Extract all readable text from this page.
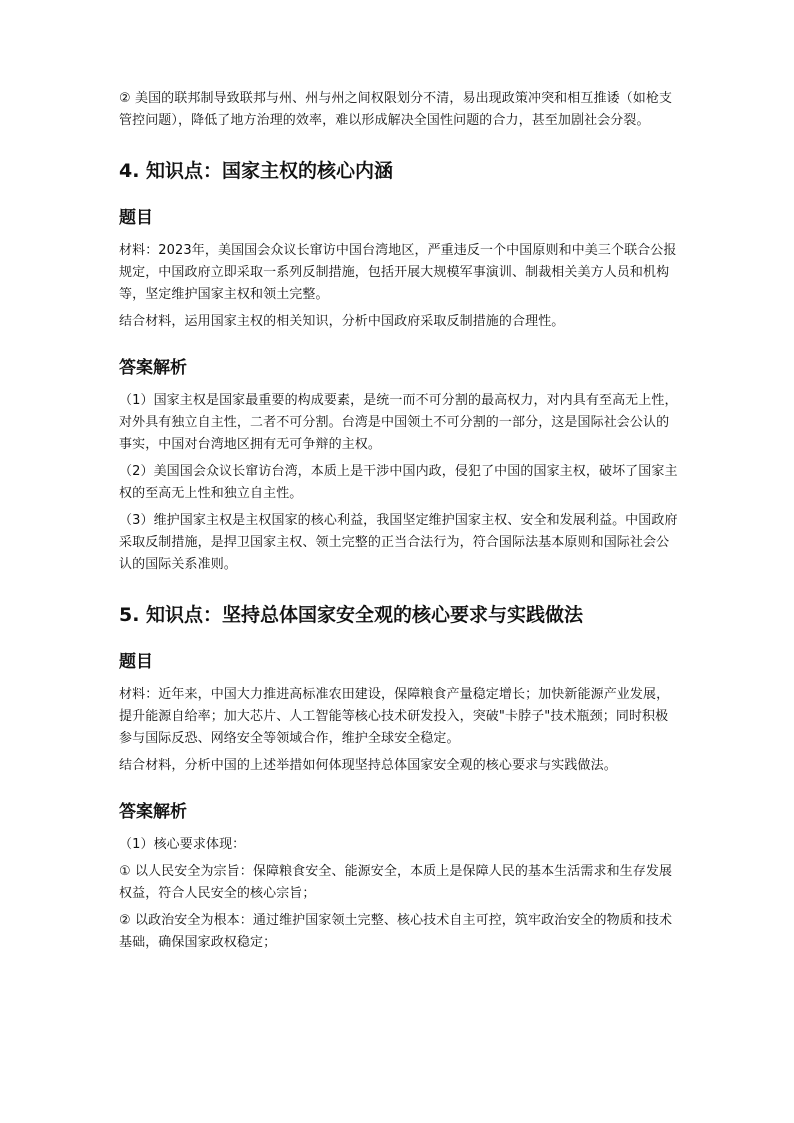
② 美国的联邦制导致联邦与州、州与州之间权限划分不清，易出现政策冲突和相互推诿（如枪支管控问题），降低了地方治理的效率，难以形成解决全国性问题的合力，甚至加剧社会分裂。

4. 知识点：国家主权的核心内涵
题目

材料：2023年，美国国会众议长窜访中国台湾地区，严重违反一个中国原则和中美三个联合公报规定，中国政府立即采取一系列反制措施，包括开展大规模军事演训、制裁相关美方人员和机构等，坚定维护国家主权和领土完整。

结合材料，运用国家主权的相关知识，分析中国政府采取反制措施的合理性。

答案解析

（1）国家主权是国家最重要的构成要素，是统一而不可分割的最高权力，对内具有至高无上性，对外具有独立自主性，二者不可分割。台湾是中国领土不可分割的一部分，这是国际社会公认的事实，中国对台湾地区拥有无可争辩的主权。

（2）美国国会众议长窜访台湾，本质上是干涉中国内政，侵犯了中国的国家主权，破坏了国家主权的至高无上性和独立自主性。

（3）维护国家主权是主权国家的核心利益，我国坚定维护国家主权、安全和发展利益。中国政府采取反制措施，是捍卫国家主权、领土完整的正当合法行为，符合国际法基本原则和国际社会公认的国际关系准则。

5. 知识点：坚持总体国家安全观的核心要求与实践做法
题目

材料：近年来，中国大力推进高标准农田建设，保障粮食产量稳定增长；加快新能源产业发展，提升能源自给率；加大芯片、人工智能等核心技术研发投入，突破"卡脖子"技术瓶颈；同时积极参与国际反恐、网络安全等领域合作，维护全球安全稳定。

结合材料，分析中国的上述举措如何体现坚持总体国家安全观的核心要求与实践做法。

答案解析

（1）核心要求体现：

① 以人民安全为宗旨：保障粮食安全、能源安全，本质上是保障人民的基本生活需求和生存发展权益，符合人民安全的核心宗旨；

② 以政治安全为根本：通过维护国家领土完整、核心技术自主可控，筑牢政治安全的物质和技术基础，确保国家政权稳定；
